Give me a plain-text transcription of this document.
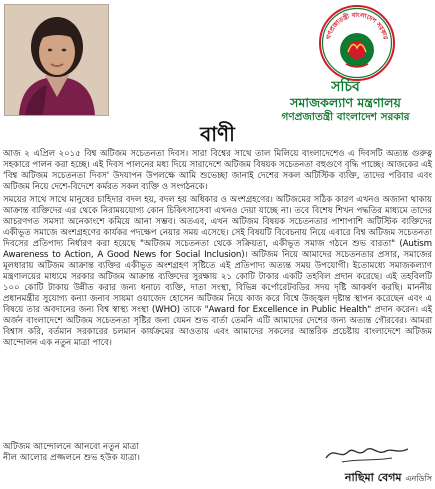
গণপ্রজাতন্ত্রী বাংলাদেশ সরকার
সচিব
সমাজকল্যাণ মন্ত্রণালয়
গণপ্রজাতন্ত্রী বাংলাদেশ সরকার
বাণী

আজ ২ এপ্রিল ২০১৫ বিশ্ব অটিজম সচেতনতা দিবস। সারা বিশ্বের সাথে তাল মিলিয়ে বাংলাদেশেও এ দিবসটি অত্যন্ত গুরুত্ব সহকারে পালন করা হচ্ছে। এই দিবস পালনের মধ্য দিয়ে সারাদেশে অটিজম বিষয়ক সচেতনতা বহুগুণে বৃদ্ধি পাচ্ছে। আজকের এই 'বিশ্ব অটিজম সচেতনতা দিবস' উদযাপন উপলক্ষে আমি শুভেচ্ছা জানাই দেশের সকল অটিস্টিক ব্যক্তি, তাদের পরিবার এবং অটিজম নিয়ে দেশে-বিদেশে কর্মরত সকল ব্যক্তি ও সংগঠনকে।

সময়ের সাথে সাথে মানুষের চাহিদার বদল হয়, বদল হয় অধিকার ও অংশগ্রহণের। অটিজমের সঠিক কারণ এখনও অজানা থাকায় আক্রান্ত ব্যক্তিদের এর থেকে নিরাময়যোগ্য কোন চিকিৎসাসেবা এখনও দেয়া যাচ্ছে না। তবে বিশেষ শিখন পদ্ধতির মাধ্যমে তাদের আচরণগত সমস্যা অনেকাংশে কমিয়ে আনা সম্ভব। অতএব, এখন অটিজম বিষয়ক সচেতনতার পাশাপাশি অটিস্টিক ব্যক্তিদের একীভূত সমাজে অংশগ্রহণের কার্যকর পদক্ষেপ নেয়ার সময় এসেছে। সেই বিষয়টি বিবেচনায় নিয়ে এবারে বিশ্ব অটিজম সচেতনতা দিবসের প্রতিপাদ্য নির্ধারণ করা হয়েছে "অটিজম সচেতনতা থেকে সক্রিয়তা, একীভূত সমাজ গঠনে শুভ বারতা" (Autism Awareness to Action, A Good News for Social Inclusion)। অটিজম নিয়ে আমাদের সচেতনতার প্রসার, সমাজের মূলধারায় অটিজম আক্রান্ত ব্যক্তির একীভূত অংশগ্রহণ সৃষ্টিতে এই প্রতিপাদ্য অত্যন্ত সময় উপযোগী। ইতোমধ্যে সমাজকল্যাণ মন্ত্রণালয়ের মাধ্যমে সরকার অটিজম আক্রান্ত ব্যক্তিদের সুরক্ষায় ২১ কোটি টাকার একটি তহবিল প্রদান করেছে। এই তহবিলটি ১০০ কোটি টাকায় উন্নীত করার জন্য ধনাঢ্য ব্যক্তি, দাতা সংস্থা, বিভিন্ন কর্পোরেটবডির সদয় দৃষ্টি আকর্ষণ করছি। মাননীয় প্রধানমন্ত্রীর সুযোগ্য কন্যা জনাব সায়মা ওয়াজেদ হোসেন অটিজম নিয়ে কাজ করে বিশ্বে উজ্জ্বল দৃষ্টান্ত স্থাপন করেছেন এবং এ বিষয়ে তার অবদানের জন্য বিশ্ব স্বাস্থ্য সংস্থা (WHO) তাকে "Award for Excellence in Public Health" প্রদান করেন। এই অর্জন বাংলাদেশে অটিজম সচেতনতা সৃষ্টির জন্য যেমন শুভ বার্তা তেমনি এটি আমাদের দেশের জন্য অত্যন্ত গৌরবের। আমরা বিশ্বাস করি, বর্তমান সরকারের চলমান কার্যক্রমের আওতায় এবং আমাদের সকলের আন্তরিক প্রচেষ্টায় বাংলাদেশে অটিজম আন্দোলন এক নতুন মাত্রা পাবে।

অটিজম আন্দোলনে আনবো নতুন মাত্রা
নীল আলোর প্রজ্জলনে শুভ হউক যাত্রা।
নাছিমা বেগম এনডিসি
